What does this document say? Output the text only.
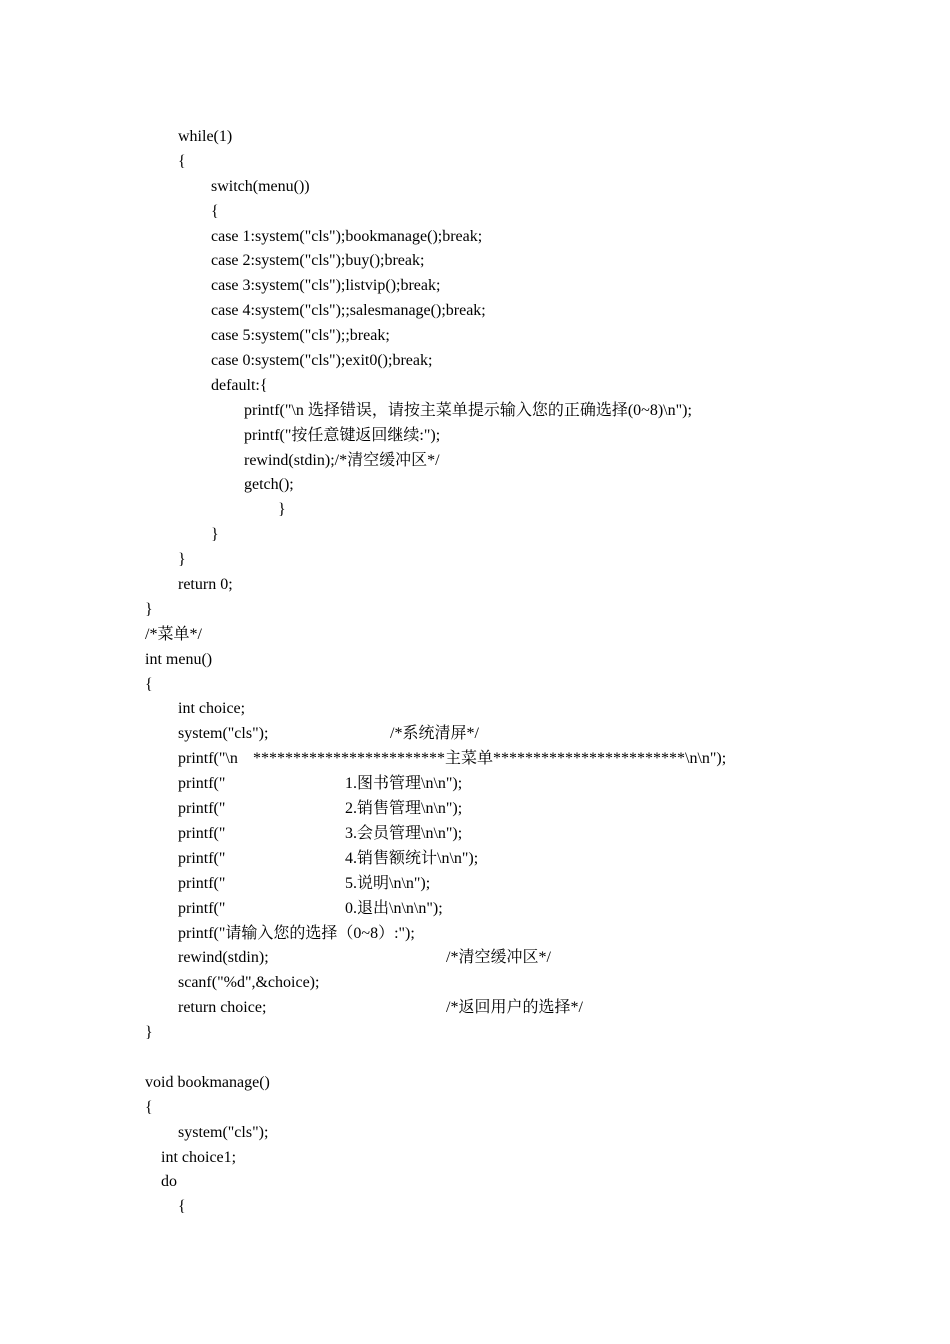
while(1)
{
switch(menu())
{
case 1:system("cls");bookmanage();break;
case 2:system("cls");buy();break;
case 3:system("cls");listvip();break;
case 4:system("cls");;salesmanage();break;
case 5:system("cls");;break;
case 0:system("cls");exit0();break;
default:{
printf("\n 选择错误，请按主菜单提示输入您的正确选择(0~8)\n");
printf("按任意键返回继续:");
rewind(stdin);/*清空缓冲区*/
getch();
}
}
}
return 0;
}
/*菜单*/
int menu()
{
int choice;
system("cls");	/*系统清屏*/
printf("\n ************************主菜单************************\n\n");
printf("	1.图书管理\n\n");
printf("	2.销售管理\n\n");
printf("	3.会员管理\n\n");
printf("	4.销售额统计\n\n");
printf("	5.说明\n\n");
printf("	0.退出\n\n\n");
printf("请输入您的选择（0~8）:");
rewind(stdin);	/*清空缓冲区*/
scanf("%d",&choice);
return choice;	/*返回用户的选择*/
}
void bookmanage()
{
system("cls");
int choice1;
do
{
